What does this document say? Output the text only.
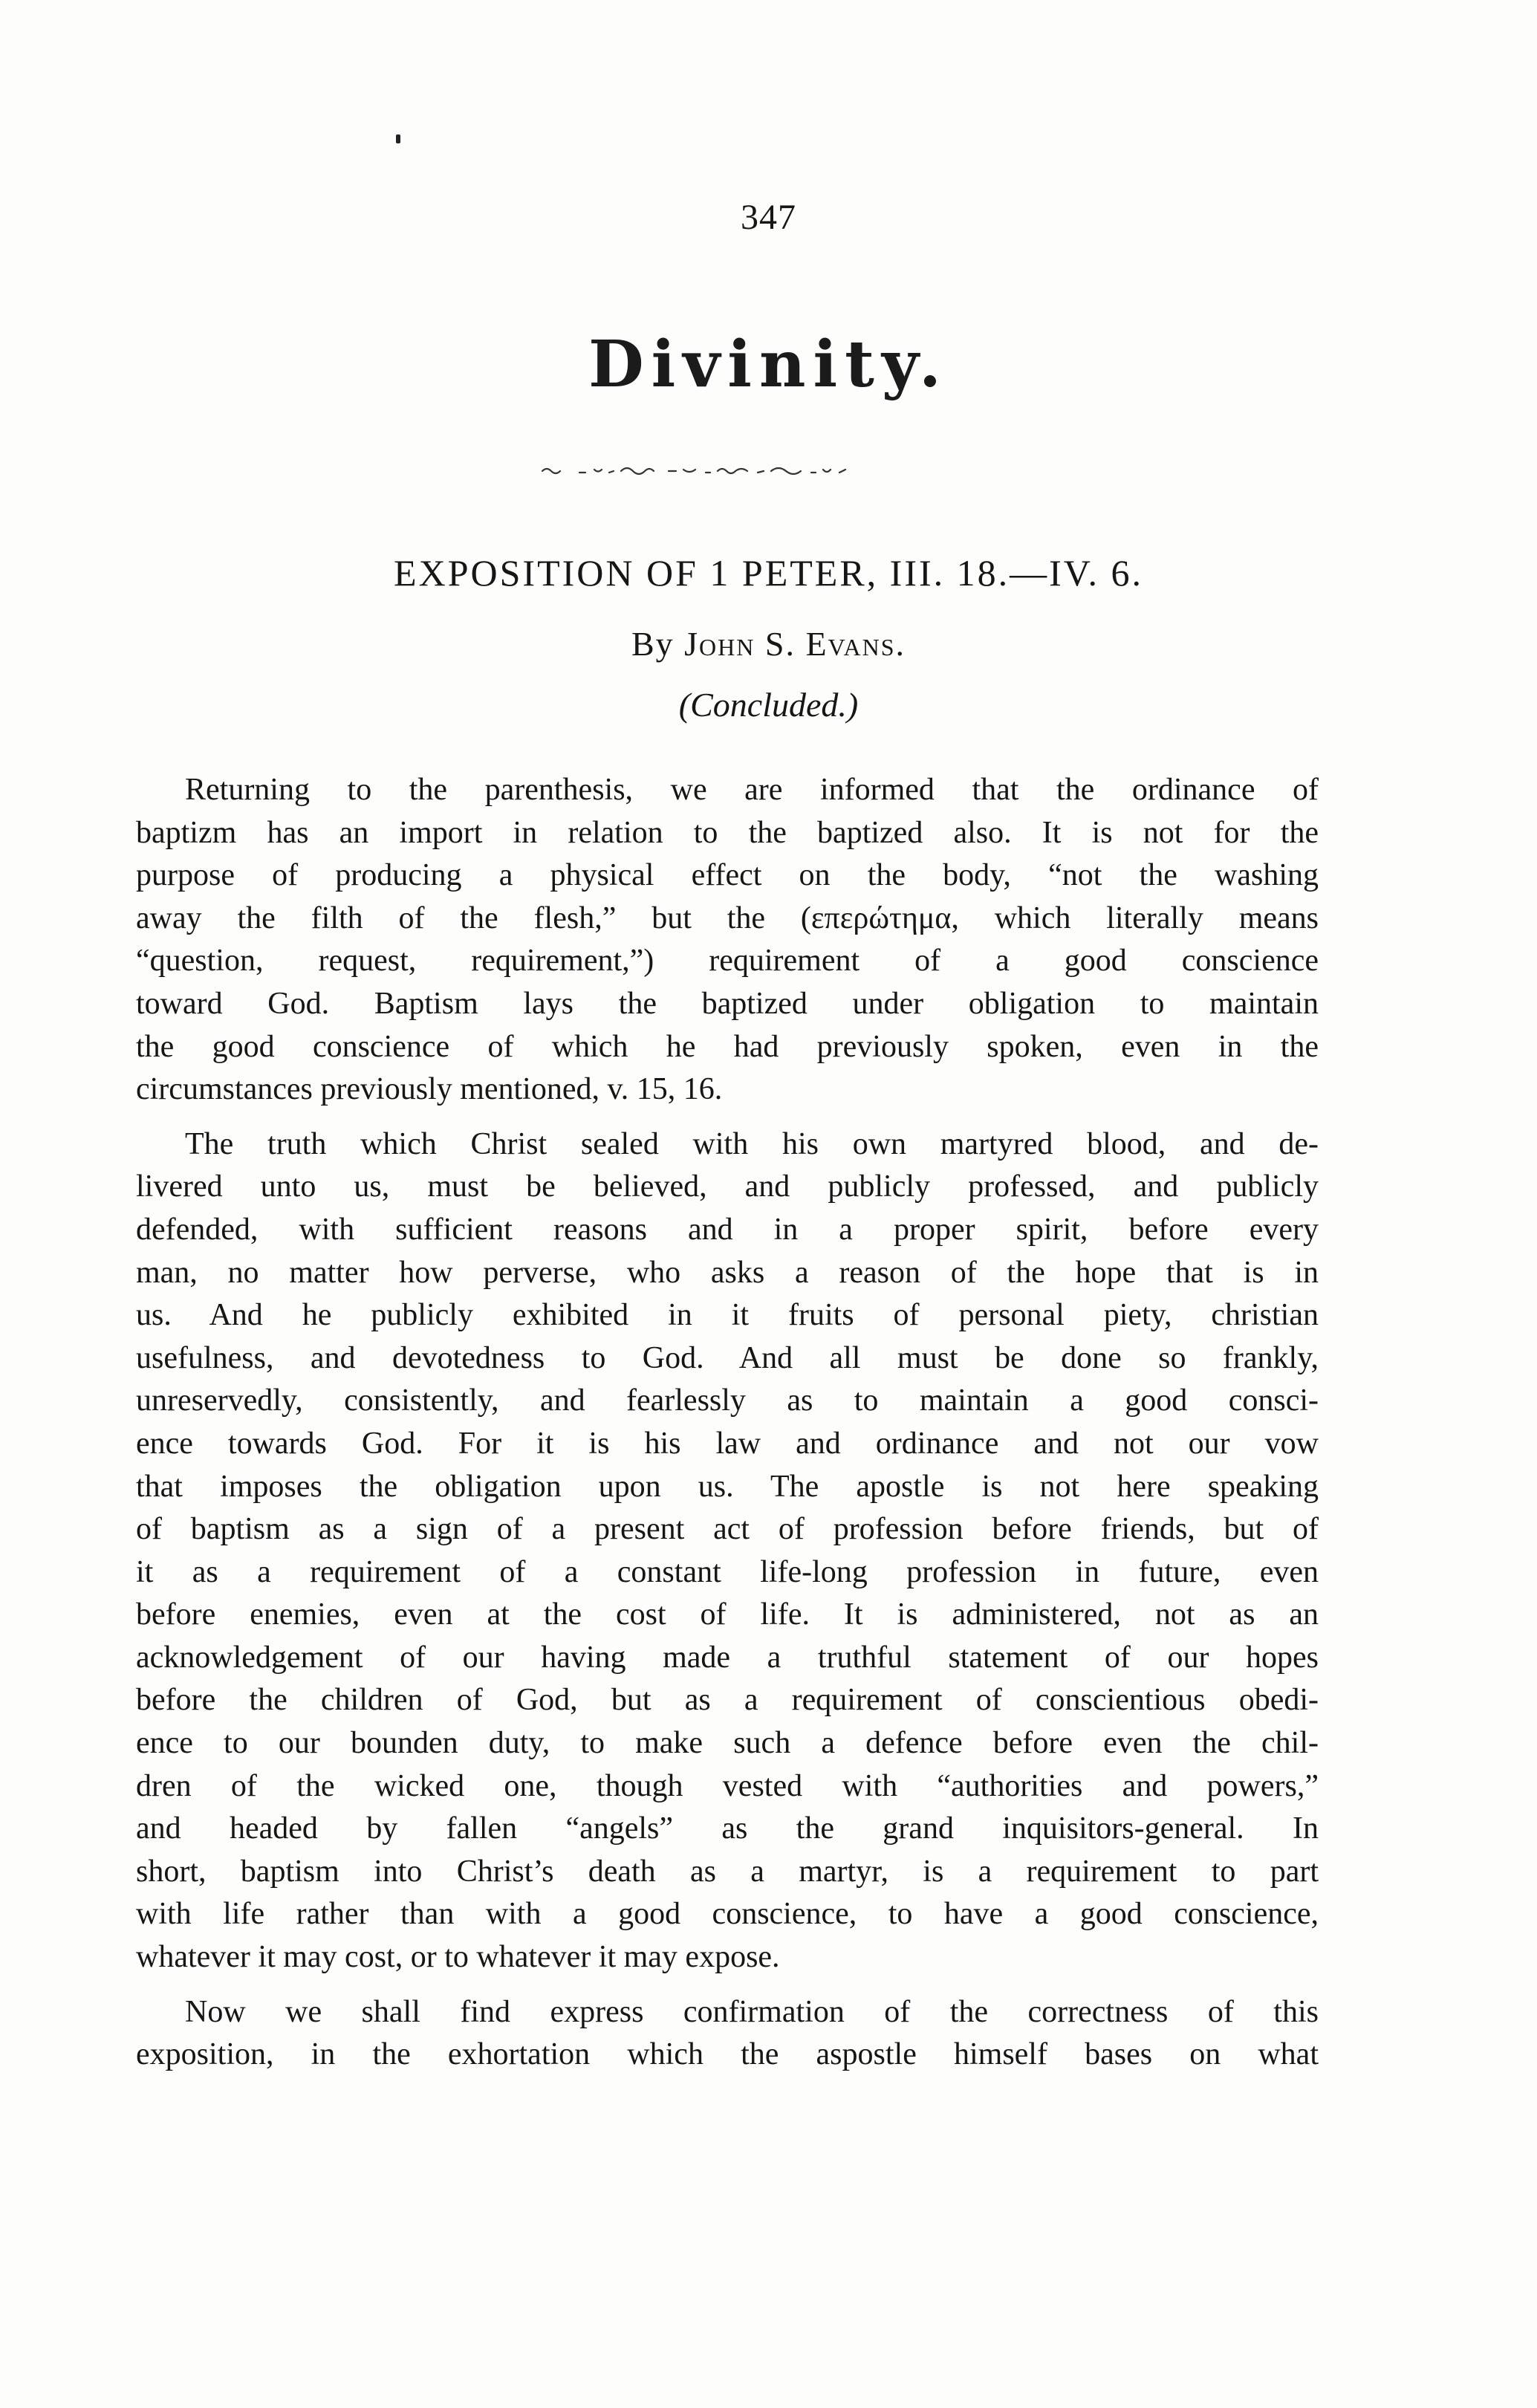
347
Divinity.
EXPOSITION OF 1 PETER, III. 18.—IV. 6.
By John S. Evans.
(Concluded.)
Returning to the parenthesis, we are informed that the ordinance of
baptizm has an import in relation to the baptized also. It is not for the
purpose of producing a physical effect on the body, “not the washing
away the filth of the flesh,” but the (επερώτημα, which literally means
“question, request, requirement,”) requirement of a good conscience
toward God. Baptism lays the baptized under obligation to maintain
the good conscience of which he had previously spoken, even in the
circumstances previously mentioned, v. 15, 16.
The truth which Christ sealed with his own martyred blood, and de-
livered unto us, must be believed, and publicly professed, and publicly
defended, with sufficient reasons and in a proper spirit, before every
man, no matter how perverse, who asks a reason of the hope that is in
us. And he publicly exhibited in it fruits of personal piety, christian
usefulness, and devotedness to God. And all must be done so frankly,
unreservedly, consistently, and fearlessly as to maintain a good consci-
ence towards God. For it is his law and ordinance and not our vow
that imposes the obligation upon us. The apostle is not here speaking
of baptism as a sign of a present act of profession before friends, but of
it as a requirement of a constant life-long profession in future, even
before enemies, even at the cost of life. It is administered, not as an
acknowledgement of our having made a truthful statement of our hopes
before the children of God, but as a requirement of conscientious obedi-
ence to our bounden duty, to make such a defence before even the chil-
dren of the wicked one, though vested with “authorities and powers,”
and headed by fallen “angels” as the grand inquisitors-general. In
short, baptism into Christ’s death as a martyr, is a requirement to part
with life rather than with a good conscience, to have a good conscience,
whatever it may cost, or to whatever it may expose.
Now we shall find express confirmation of the correctness of this
exposition, in the exhortation which the aspostle himself bases on what
